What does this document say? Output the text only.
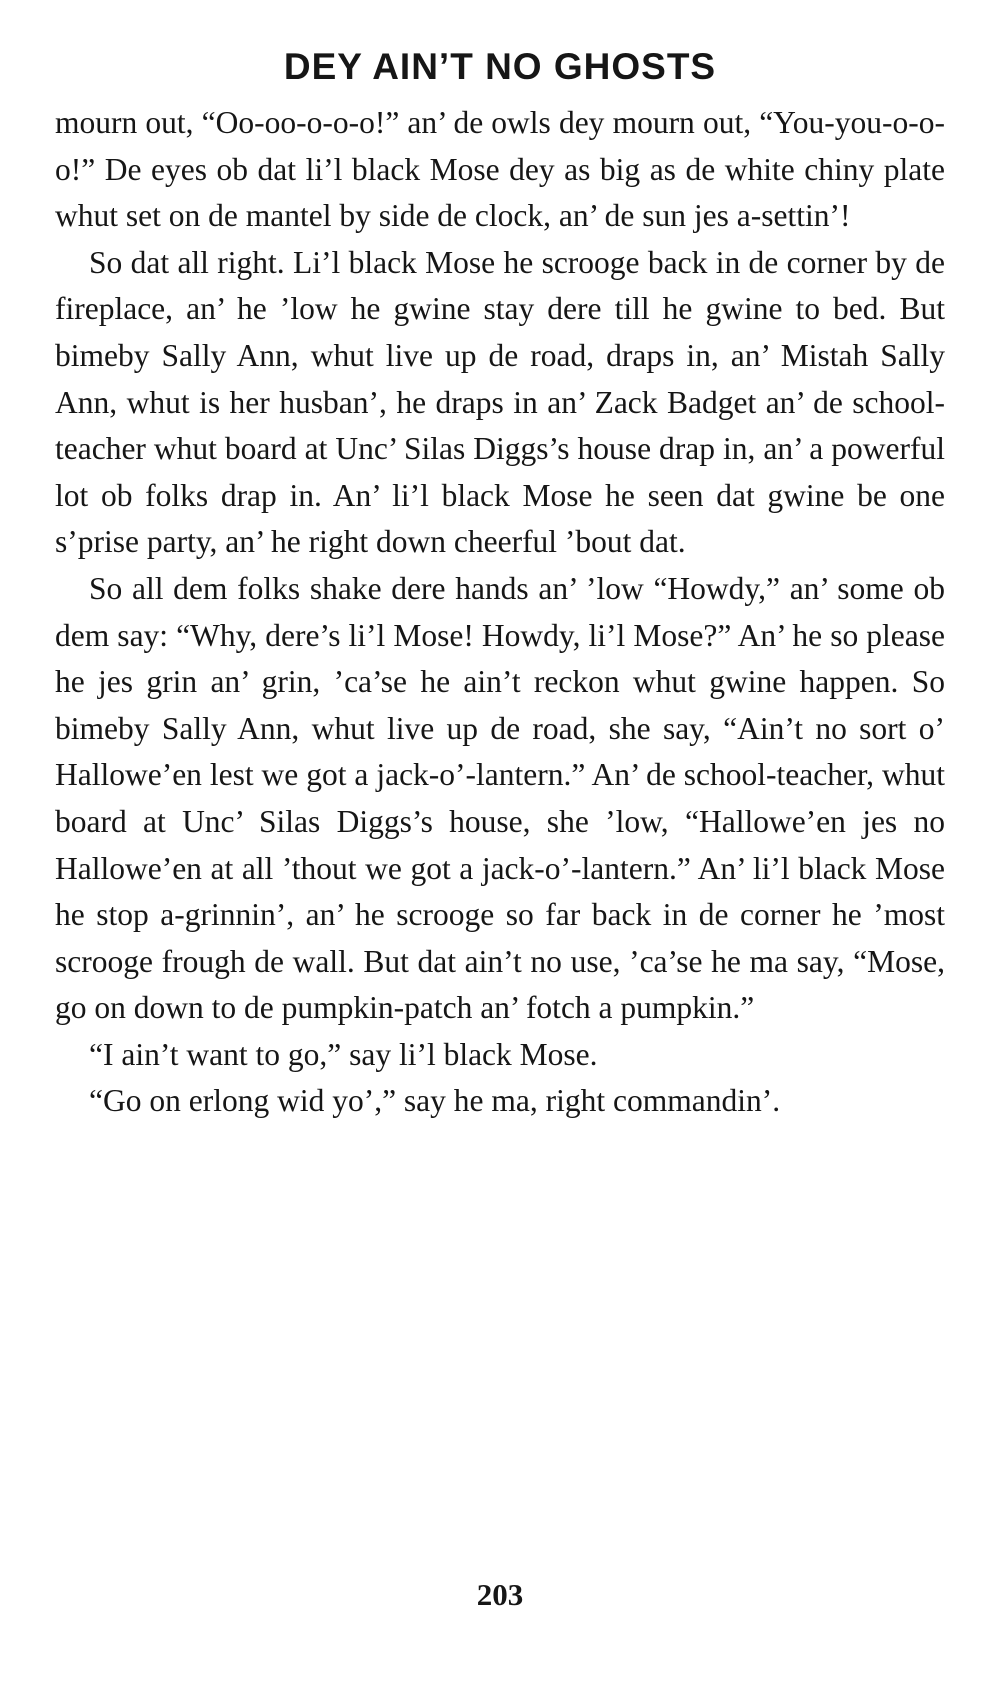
DEY AIN’T NO GHOSTS

mourn out, “Oo-oo-o-o-o!” an’ de owls dey mourn out, “You-you-o-o-o!” De eyes ob dat li’l black Mose dey as big as de white chiny plate whut set on de mantel by side de clock, an’ de sun jes a-settin’!

So dat all right. Li’l black Mose he scrooge back in de corner by de fireplace, an’ he ’low he gwine stay dere till he gwine to bed. But bimeby Sally Ann, whut live up de road, draps in, an’ Mistah Sally Ann, whut is her husban’, he draps in an’ Zack Badget an’ de school-teacher whut board at Unc’ Silas Diggs’s house drap in, an’ a powerful lot ob folks drap in. An’ li’l black Mose he seen dat gwine be one s’prise party, an’ he right down cheerful ’bout dat.

So all dem folks shake dere hands an’ ’low “Howdy,” an’ some ob dem say: “Why, dere’s li’l Mose! Howdy, li’l Mose?” An’ he so please he jes grin an’ grin, ’ca’se he ain’t reckon whut gwine happen. So bimeby Sally Ann, whut live up de road, she say, “Ain’t no sort o’ Hallowe’en lest we got a jack-o’-lantern.” An’ de school-teacher, whut board at Unc’ Silas Diggs’s house, she ’low, “Hallowe’en jes no Hallowe’en at all ’thout we got a jack-o’-lantern.” An’ li’l black Mose he stop a-grinnin’, an’ he scrooge so far back in de corner he ’most scrooge frough de wall. But dat ain’t no use, ’ca’se he ma say, “Mose, go on down to de pumpkin-patch an’ fotch a pumpkin.”

“I ain’t want to go,” say li’l black Mose.

“Go on erlong wid yo’,” say he ma, right commandin’.

203
